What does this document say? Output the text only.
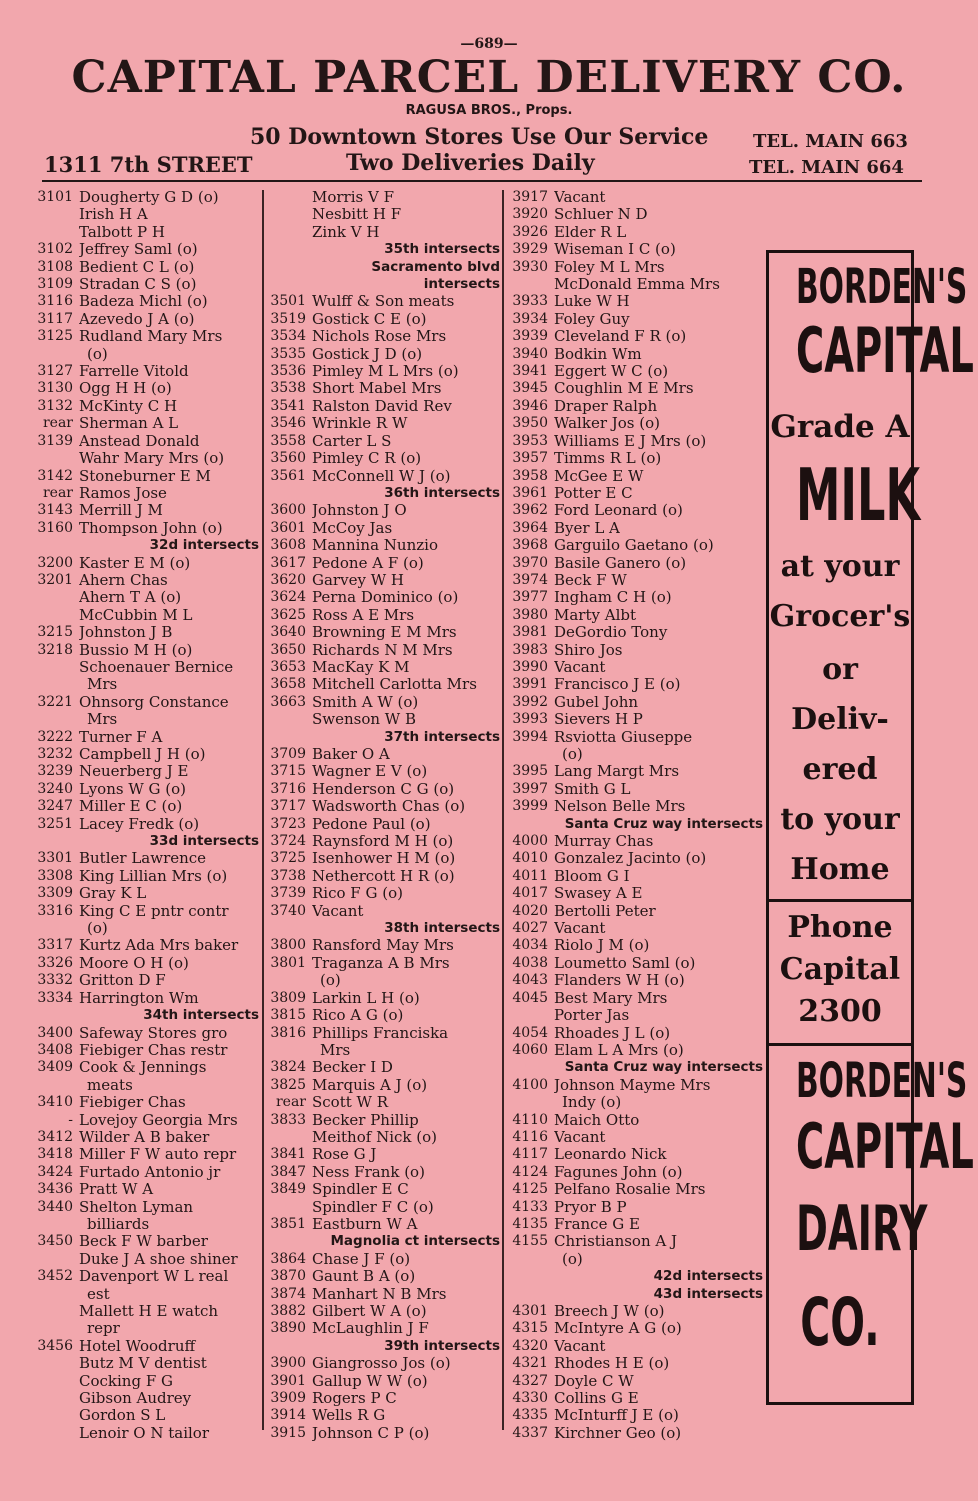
—689—
CAPITAL PARCEL DELIVERY CO.
RAGUSA BROS., Props.
50 Downtown Stores Use Our Service
Two Deliveries Daily
1311 7th STREET
TEL. MAIN 663
TEL. MAIN 664
3101 Dougherty G D (o)
Irish H A
Talbott P H
3102 Jeffrey Saml (o)
3108 Bedient C L (o)
3109 Stradan C S (o)
3116 Badeza Michl (o)
3117 Azevedo J A (o)
3125 Rudland Mary Mrs
(o)
3127 Farrelle Vitold
3130 Ogg H H (o)
3132 McKinty C H
rear Sherman A L
3139 Anstead Donald
Wahr Mary Mrs (o)
3142 Stoneburner E M
rear Ramos Jose
3143 Merrill J M
3160 Thompson John (o)
32d intersects
3200 Kaster E M (o)
3201 Ahern Chas
Ahern T A (o)
McCubbin M L
3215 Johnston J B
3218 Bussio M H (o)
Schoenauer Bernice
Mrs
3221 Ohnsorg Constance
Mrs
3222 Turner F A
3232 Campbell J H (o)
3239 Neuerberg J E
3240 Lyons W G (o)
3247 Miller E C (o)
3251 Lacey Fredk (o)
33d intersects
3301 Butler Lawrence
3308 King Lillian Mrs (o)
3309 Gray K L
3316 King C E pntr contr
(o)
3317 Kurtz Ada Mrs baker
3326 Moore O H (o)
3332 Gritton D F
3334 Harrington Wm
34th intersects
3400 Safeway Stores gro
3408 Fiebiger Chas restr
3409 Cook & Jennings
meats
3410 Fiebiger Chas
- Lovejoy Georgia Mrs
3412 Wilder A B baker
3418 Miller F W auto repr
3424 Furtado Antonio jr
3436 Pratt W A
3440 Shelton Lyman
billiards
3450 Beck F W barber
Duke J A shoe shiner
3452 Davenport W L real
est
Mallett H E watch
repr
3456 Hotel Woodruff
Butz M V dentist
Cocking F G
Gibson Audrey
Gordon S L
Lenoir O N tailor
Morris V F
Nesbitt H F
Zink V H
35th intersects
Sacramento blvd
intersects
3501 Wulff & Son meats
3519 Gostick C E (o)
3534 Nichols Rose Mrs
3535 Gostick J D (o)
3536 Pimley M L Mrs (o)
3538 Short Mabel Mrs
3541 Ralston David Rev
3546 Wrinkle R W
3558 Carter L S
3560 Pimley C R (o)
3561 McConnell W J (o)
36th intersects
3600 Johnston J O
3601 McCoy Jas
3608 Mannina Nunzio
3617 Pedone A F (o)
3620 Garvey W H
3624 Perna Dominico (o)
3625 Ross A E Mrs
3640 Browning E M Mrs
3650 Richards N M Mrs
3653 MacKay K M
3658 Mitchell Carlotta Mrs
3663 Smith A W (o)
Swenson W B
37th intersects
3709 Baker O A
3715 Wagner E V (o)
3716 Henderson C G (o)
3717 Wadsworth Chas (o)
3723 Pedone Paul (o)
3724 Raynsford M H (o)
3725 Isenhower H M (o)
3738 Nethercott H R (o)
3739 Rico F G (o)
3740 Vacant
38th intersects
3800 Ransford May Mrs
3801 Traganza A B Mrs
(o)
3809 Larkin L H (o)
3815 Rico A G (o)
3816 Phillips Franciska
Mrs
3824 Becker I D
3825 Marquis A J (o)
rear Scott W R
3833 Becker Phillip
Meithof Nick (o)
3841 Rose G J
3847 Ness Frank (o)
3849 Spindler E C
Spindler F C (o)
3851 Eastburn W A
Magnolia ct intersects
3864 Chase J F (o)
3870 Gaunt B A (o)
3874 Manhart N B Mrs
3882 Gilbert W A (o)
3890 McLaughlin J F
39th intersects
3900 Giangrosso Jos (o)
3901 Gallup W W (o)
3909 Rogers P C
3914 Wells R G
3915 Johnson C P (o)
3917 Vacant
3920 Schluer N D
3926 Elder R L
3929 Wiseman I C (o)
3930 Foley M L Mrs
McDonald Emma Mrs
3933 Luke W H
3934 Foley Guy
3939 Cleveland F R (o)
3940 Bodkin Wm
3941 Eggert W C (o)
3945 Coughlin M E Mrs
3946 Draper Ralph
3950 Walker Jos (o)
3953 Williams E J Mrs (o)
3957 Timms R L (o)
3958 McGee E W
3961 Potter E C
3962 Ford Leonard (o)
3964 Byer L A
3968 Garguilo Gaetano (o)
3970 Basile Ganero (o)
3974 Beck F W
3977 Ingham C H (o)
3980 Marty Albt
3981 DeGordio Tony
3983 Shiro Jos
3990 Vacant
3991 Francisco J E (o)
3992 Gubel John
3993 Sievers H P
3994 Rsviotta Giuseppe
(o)
3995 Lang Margt Mrs
3997 Smith G L
3999 Nelson Belle Mrs
Santa Cruz way intersects
4000 Murray Chas
4010 Gonzalez Jacinto (o)
4011 Bloom G I
4017 Swasey A E
4020 Bertolli Peter
4027 Vacant
4034 Riolo J M (o)
4038 Loumetto Saml (o)
4043 Flanders W H (o)
4045 Best Mary Mrs
Porter Jas
4054 Rhoades J L (o)
4060 Elam L A Mrs (o)
Santa Cruz way intersects
4100 Johnson Mayme Mrs
Indy (o)
4110 Maich Otto
4116 Vacant
4117 Leonardo Nick
4124 Fagunes John (o)
4125 Pelfano Rosalie Mrs
4133 Pryor B P
4135 France G E
4155 Christianson A J
(o)
42d intersects
43d intersects
4301 Breech J W (o)
4315 McIntyre A G (o)
4320 Vacant
4321 Rhodes H E (o)
4327 Doyle C W
4330 Collins G E
4335 McInturff J E (o)
4337 Kirchner Geo (o)
BORDEN'S
CAPITAL
Grade A
MILK
at your
Grocer's
or
Deliv-
ered
to your
Home
Phone
Capital
2300
BORDEN'S
CAPITAL
DAIRY
CO.
